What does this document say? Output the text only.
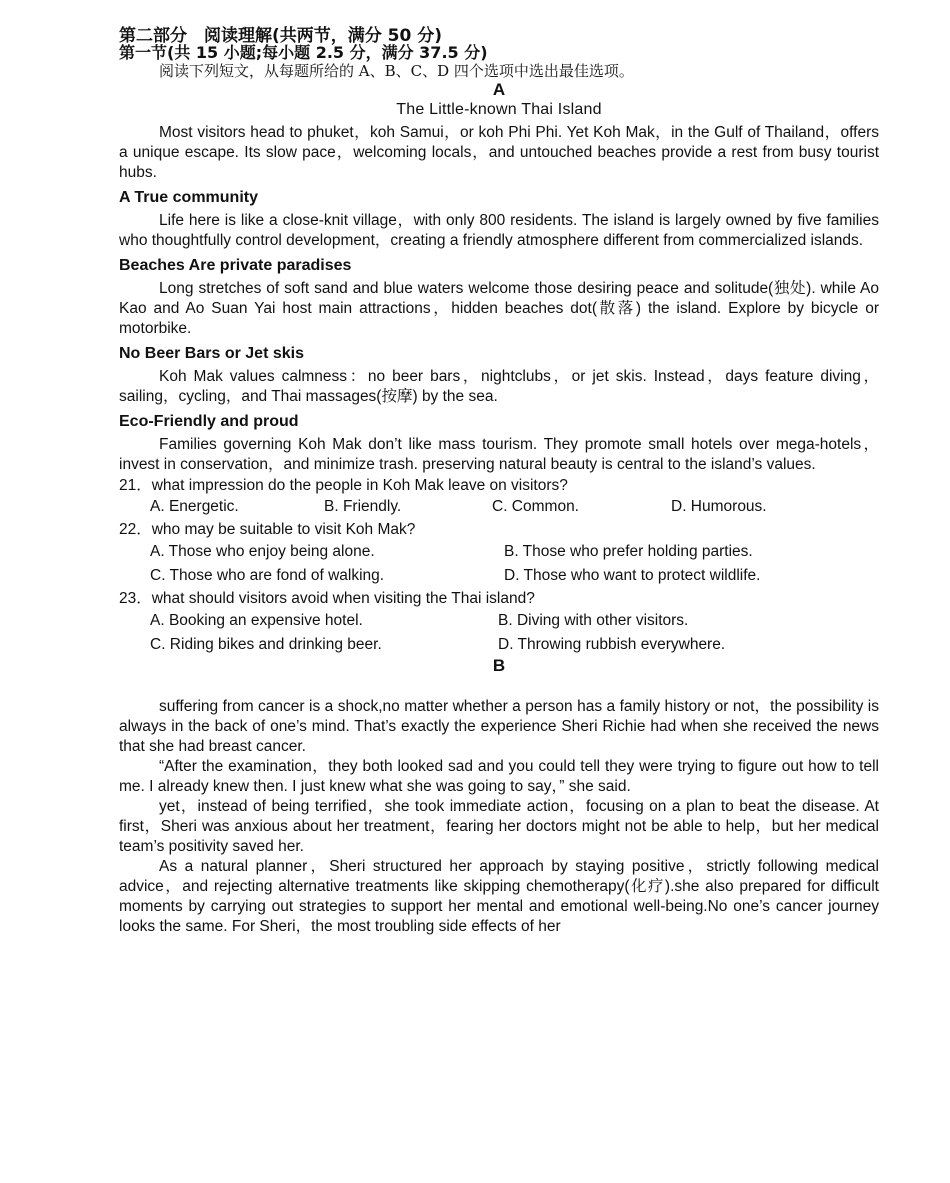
第二部分　阅读理解(共两节，满分 50 分)
第一节(共 15 小题;每小题 2.5 分，满分 37.5 分)
阅读下列短文，从每题所给的 A、B、C、D 四个选项中选出最佳选项。
A
The Little-known Thai Island

Most visitors head to phuket，koh Samui，or koh Phi Phi. Yet Koh Mak，in the Gulf of Thailand，offers a unique escape. Its slow pace，welcoming locals，and untouched beaches provide a rest from busy tourist hubs.

A True community

Life here is like a close-knit village，with only 800 residents. The island is largely owned by five families who thoughtfully control development，creating a friendly atmosphere different from commercialized islands.

Beaches Are private paradises

Long stretches of soft sand and blue waters welcome those desiring peace and solitude(独处). while Ao Kao and Ao Suan Yai host main attractions，hidden beaches dot(散落) the island. Explore by bicycle or motorbike.

No Beer Bars or Jet skis

Koh Mak values calmness：no beer bars，nightclubs，or jet skis. Instead，days feature diving，sailing，cycling，and Thai massages(按摩) by the sea.

Eco-Friendly and proud

Families governing Koh Mak don’t like mass tourism. They promote small hotels over mega-hotels，invest in conservation，and minimize trash. preserving natural beauty is central to the island’s values.

21．what impression do the people in Koh Mak leave on visitors?
A. Energetic.	B. Friendly.	C. Common.	D. Humorous.
22．who may be suitable to visit Koh Mak?
A. Those who enjoy being alone.	B. Those who prefer holding parties.
C. Those who are fond of walking.	D. Those who want to protect wildlife.
23．what should visitors avoid when visiting the Thai island?
A. Booking an expensive hotel.	B. Diving with other visitors.
C. Riding bikes and drinking beer.	D. Throwing rubbish everywhere.
B

suffering from cancer is a shock,no matter whether a person has a family history or not，the possibility is always in the back of one’s mind. That’s exactly the experience Sheri Richie had when she received the news that she had breast cancer.

“After the examination，they both looked sad and you could tell they were trying to figure out how to tell me. I already knew then. I just knew what she was going to say，” she said.

yet，instead of being terrified，she took immediate action，focusing on a plan to beat the disease. At first，Sheri was anxious about her treatment，fearing her doctors might not be able to help，but her medical team’s positivity saved her.

As a natural planner，Sheri structured her approach by staying positive，strictly following medical advice，and rejecting alternative treatments like skipping chemotherapy(化疗).she also prepared for difficult moments by carrying out strategies to support her mental and emotional well-being.No one’s cancer journey looks the same. For Sheri，the most troubling side effects of her
